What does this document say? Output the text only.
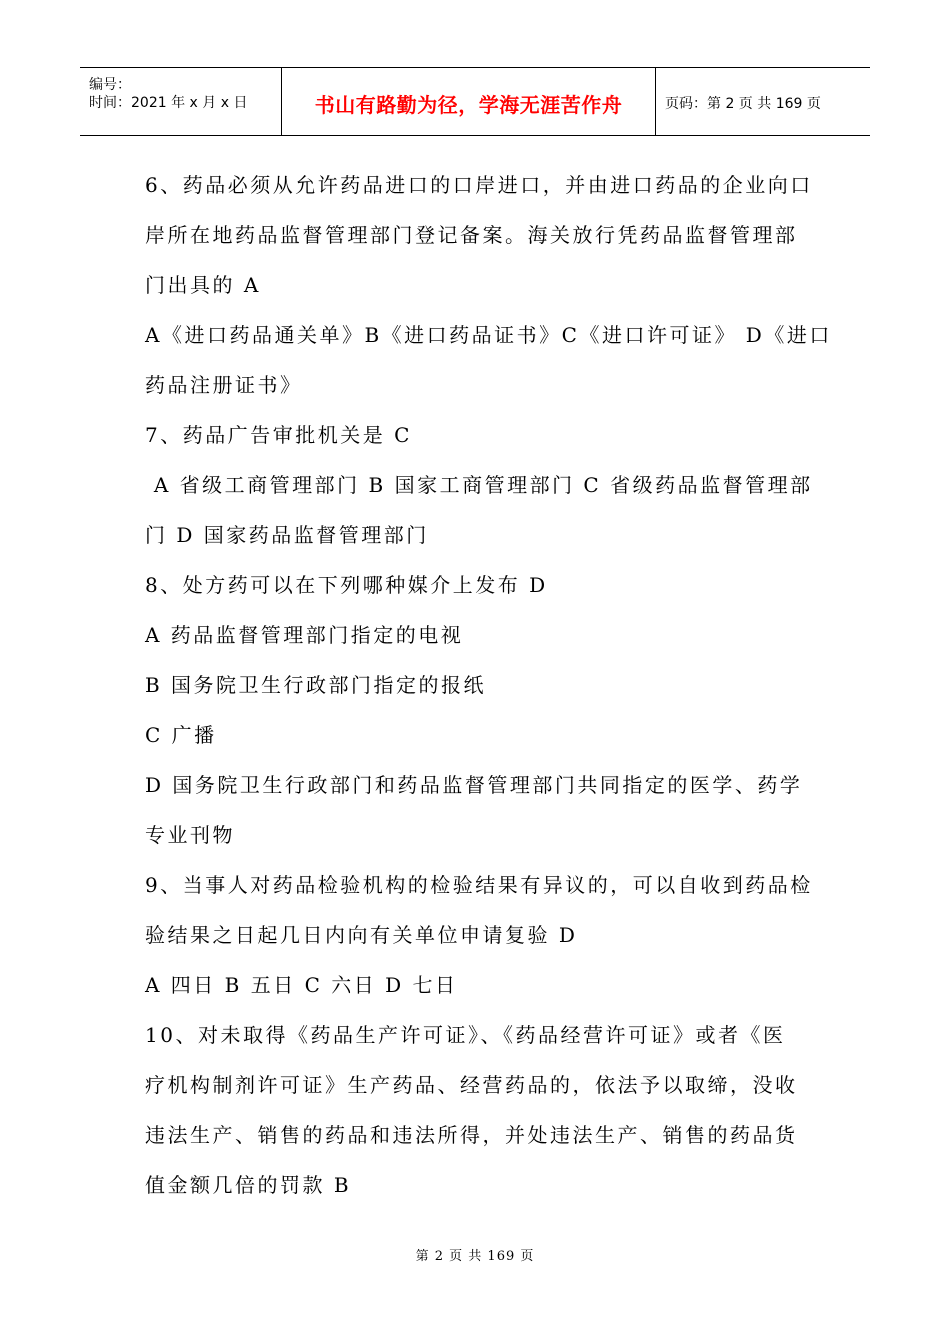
编号：
时间：2021 年 x 月 x 日	书山有路勤为径，学海无涯苦作舟	页码：第 2 页 共 169 页
6、药品必须从允许药品进口的口岸进口，并由进口药品的企业向口
岸所在地药品监督管理部门登记备案。海关放行凭药品监督管理部
门出具的 A
A《进口药品通关单》B《进口药品证书》C《进口许可证》 D《进口
药品注册证书》
7、药品广告审批机关是 C
A 省级工商管理部门 B 国家工商管理部门 C 省级药品监督管理部
门 D 国家药品监督管理部门
8、处方药可以在下列哪种媒介上发布 D
A 药品监督管理部门指定的电视
B 国务院卫生行政部门指定的报纸
C 广播
D 国务院卫生行政部门和药品监督管理部门共同指定的医学、药学
专业刊物
9、当事人对药品检验机构的检验结果有异议的，可以自收到药品检
验结果之日起几日内向有关单位申请复验 D
A 四日 B 五日 C 六日 D 七日
10、对未取得《药品生产许可证》、《药品经营许可证》或者《医
疗机构制剂许可证》生产药品、经营药品的，依法予以取缔，没收
违法生产、销售的药品和违法所得，并处违法生产、销售的药品货
值金额几倍的罚款 B
第 2 页 共 169 页
